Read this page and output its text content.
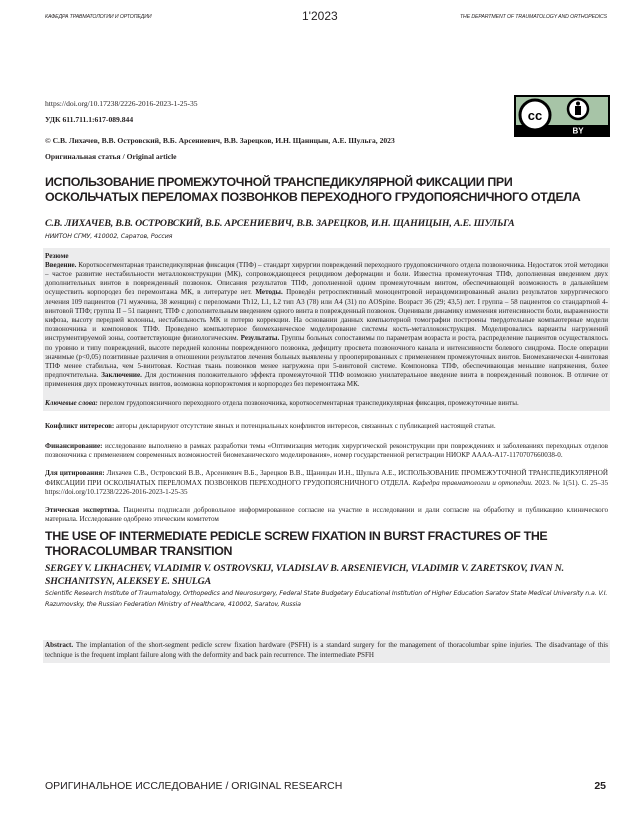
КАФЕДРА ТРАВМАТОЛОГИИ И ОРТОПЕДИИ	1'2023	THE DEPARTMENT OF TRAUMATOLOGY AND ORTHOPEDICS
cc
BY
https://doi.org/10.17238/2226-2016-2023-1-25-35
УДК 611.711.1:617-089.844
© С.В. Лихачев, В.В. Островский, В.Б. Арсениевич, В.В. Зарецков, И.Н. Щаницын, А.Е. Шульга, 2023
Оригинальная статья / Original article
ИСПОЛЬЗОВАНИЕ ПРОМЕЖУТОЧНОЙ ТРАНСПЕДИКУЛЯРНОЙ ФИКСАЦИИ ПРИ ОСКОЛЬЧАТЫХ ПЕРЕЛОМАХ ПОЗВОНКОВ ПЕРЕХОДНОГО ГРУДОПОЯСНИЧНОГО ОТДЕЛА
С.В. ЛИХАЧЕВ, В.В. ОСТРОВСКИЙ, В.Б. АРСЕНИЕВИЧ, В.В. ЗАРЕЦКОВ, И.Н. ЩАНИЦЫН, А.Е. ШУЛЬГА
НИИТОН СГМУ, 410002, Саратов, Россия
Резюме
Введение. Короткосегментарная транспедикулярная фиксация (ТПФ) – стандарт хирургии повреждений переходного грудопоясничного отдела позвоночника. Недостаток этой методики – частое развитие нестабильности металлоконструкции (МК), сопровождающееся рецидивом деформации и боли. Известна промежуточная ТПФ, дополненная введением двух дополнительных винтов в поврежденный позвонок. Описания результатов ТПФ, дополненной одним промежуточным винтом, обеспечивающей возможность в дальнейшем осуществить корпородез без перемонтажа МК, в литературе нет. Методы. Проведён ретроспективный моноцентровой нерандомизированный анализ результатов хирургического лечения 109 пациентов (71 мужчина, 38 женщин) с переломами Th12, L1, L2 тип А3 (78) или А4 (31) по AOSpine. Возраст 36 (29; 43,5) лет. I группа – 58 пациентов со стандартной 4-винтовой ТПФ; группа II – 51 пациент, ТПФ с дополнительным введением одного винта в поврежденный позвонок. Оценивали динамику изменения интенсивности боли, выраженности кифоза, высоту передней колонны, нестабильность МК и потерю коррекции. На основании данных компьютерной томографии построены твердотельные компьютерные модели позвоночника и компоновок ТПФ. Проведено компьютерное биомеханическое моделирование системы кость-металлоконструкция. Моделировались варианты нагружений инструментируемой зоны, соответствующие физиологическим. Результаты. Группы больных сопоставимы по параметрам возраста и роста, распределение пациентов осуществлялось по уровню и типу повреждений, высоте передней колонны поврежденного позвонка, дефициту просвета позвоночного канала и интенсивности болевого синдрома. После операции значимые (p<0,05) позитивные различия в отношении результатов лечения больных выявлены у прооперированных с применением промежуточных винтов. Биомеханически 4-винтовая ТПФ менее стабильна, чем 5-винтовая. Костная ткань позвонков менее нагружена при 5-винтовой системе. Компоновка ТПФ, обеспечивающая меньшие напряжения, более предпочтительна. Заключение. Для достижения положительного эффекта промежуточной ТПФ возможно унилатеральное введение винта в поврежденный позвонок. В отличие от применения двух промежуточных винтов, возможна корпорэктомия и корпородез без перемонтажа МК.
Ключевые слова: перелом грудопоясничного переходного отдела позвоночника, короткосегментарная транспедикулярная фиксация, промежуточные винты.
Конфликт интересов: авторы декларируют отсутствие явных и потенциальных конфликтов интересов, связанных с публикацией настоящей статьи.
Финансирование: исследование выполнено в рамках разработки темы «Оптимизация методик хирургической реконструкции при повреждениях и заболеваниях переходных отделов позвоночника с применением современных возможностей биомеханического моделирования», номер государственной регистрации НИОКР АААА-А17-1170707660038-0.
Для цитирования: Лихачев С.В., Островский В.В., Арсениевич В.Б., Зарецков В.В., Щаницын И.Н., Шульга А.Е., ИСПОЛЬЗОВАНИЕ ПРОМЕЖУТОЧНОЙ ТРАНСПЕДИКУЛЯРНОЙ ФИКСАЦИИ ПРИ ОСКОЛЬЧАТЫХ ПЕРЕЛОМАХ ПОЗВОНКОВ ПЕРЕХОДНОГО ГРУДОПОЯСНИЧНОГО ОТДЕЛА. Кафедра травматологии и ортопедии. 2023. № 1(51). С. 25–35 https://doi.org/10.17238/2226-2016-2023-1-25-35
Этическая экспертиза. Пациенты подписали добровольное информированное согласие на участие в исследовании и дали согласие на обработку и публикацию клинического материала. Исследование одобрено этическим комитетом
THE USE OF INTERMEDIATE PEDICLE SCREW FIXATION IN BURST FRACTURES OF THE THORACOLUMBAR TRANSITION
SERGEY V. LIKHACHEV, VLADIMIR V. OSTROVSKIJ, VLADISLAV B. ARSENIEVICH, VLADIMIR V. ZARETSKOV, IVAN N. SHCHANITSYN, ALEKSEY E. SHULGA
Scientific Research Institute of Traumatology, Orthopedics and Neurosurgery, Federal State Budgetary Educational Institution of Higher Education Saratov State Medical University n.a. V.I. Razumovsky, the Russian Federation Ministry of Healthcare, 410002, Saratov, Russia
Abstract. The implantation of the short-segment pedicle screw fixation hardware (PSFH) is a standard surgery for the management of thoracolumbar spine injuries. The disadvantage of this technique is the frequent implant failure along with the deformity and back pain recurrence. The intermediate PSFH
ОРИГИНАЛЬНОЕ ИССЛЕДОВАНИЕ / ORIGINAL RESEARCH	25
